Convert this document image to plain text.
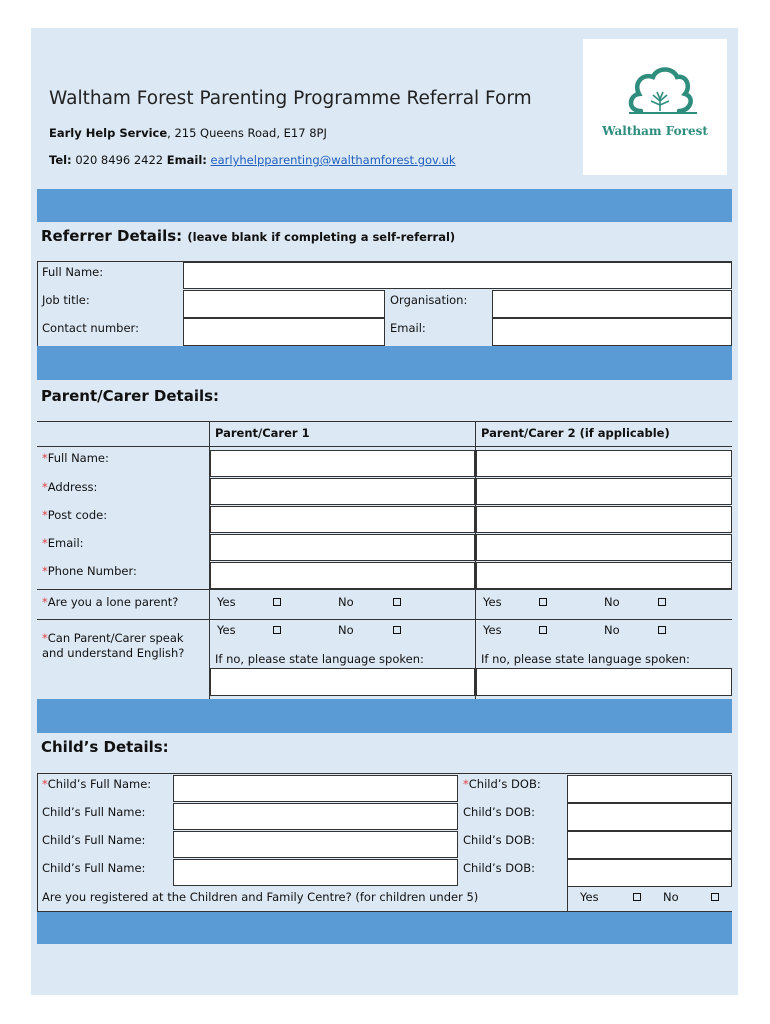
Waltham Forest Parenting Programme Referral Form
Early Help Service, 215 Queens Road, E17 8PJ
Tel: 020 8496 2422 Email: earlyhelpparenting@walthamforest.gov.uk
Waltham Forest
Referrer Details: (leave blank if completing a self-referral)
Full Name:
Job title:	Organisation:
Contact number:	Email:
Parent/Carer Details:
Parent/Carer 1	Parent/Carer 2 (if applicable)
*Full Name:
*Address:
*Post code:
*Email:
*Phone Number:
*Are you a lone parent?	Yes	No	Yes	No
*Can Parent/Carer speak and understand English?
Yes	No	Yes	No
If no, please state language spoken:	If no, please state language spoken:
Child’s Details:
*Child’s Full Name:	*Child’s DOB:
Child’s Full Name:	Child’s DOB:
Child’s Full Name:	Child’s DOB:
Child’s Full Name:	Child’s DOB:
Are you registered at the Children and Family Centre? (for children under 5)	Yes	No
